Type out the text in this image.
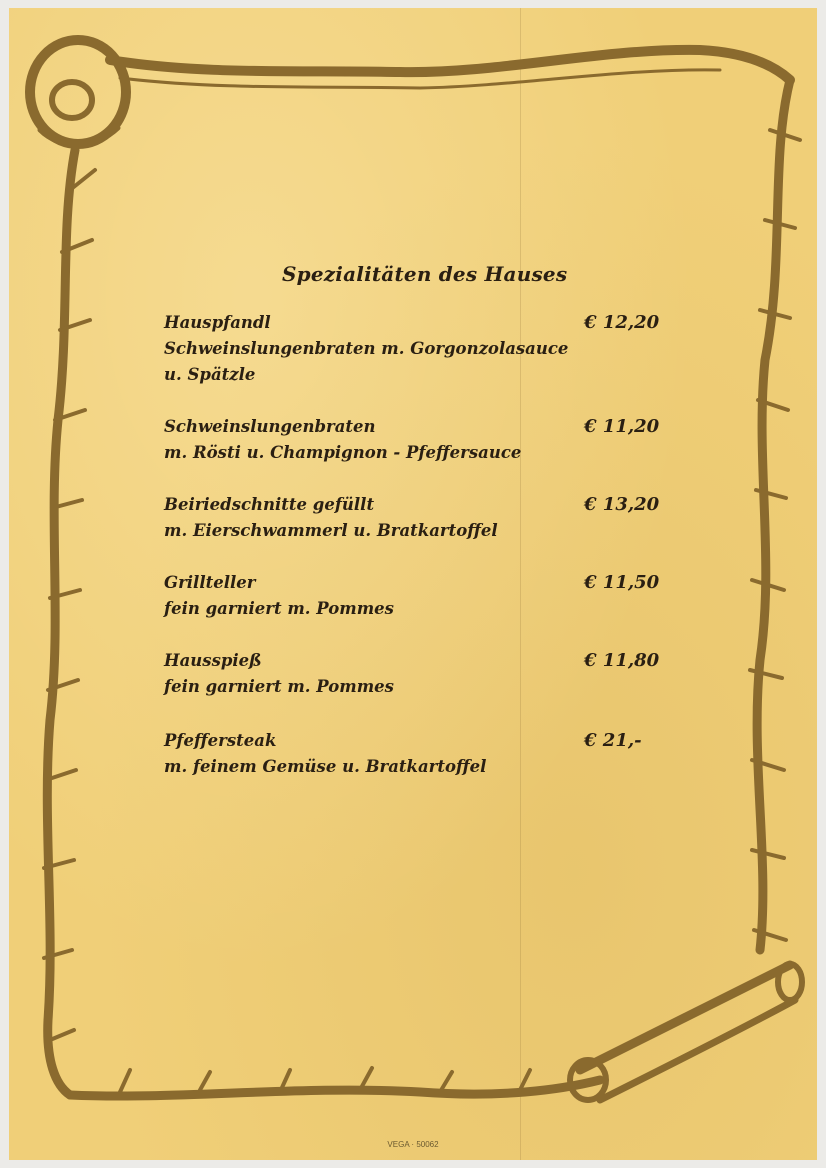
Spezialitäten des Hauses
Hauspfandl
Schweinslungenbraten m. Gorgonzolasauce
u. Spätzle
€ 12,20
Schweinslungenbraten
m. Rösti u. Champignon - Pfeffersauce
€ 11,20
Beiriedschnitte gefüllt
m. Eierschwammerl u. Bratkartoffel
€ 13,20
Grillteller
fein garniert m. Pommes
€ 11,50
Hausspieß
fein garniert m. Pommes
€ 11,80
Pfeffersteak
m. feinem Gemüse u. Bratkartoffel
€ 21,-
VEGA · 50062
